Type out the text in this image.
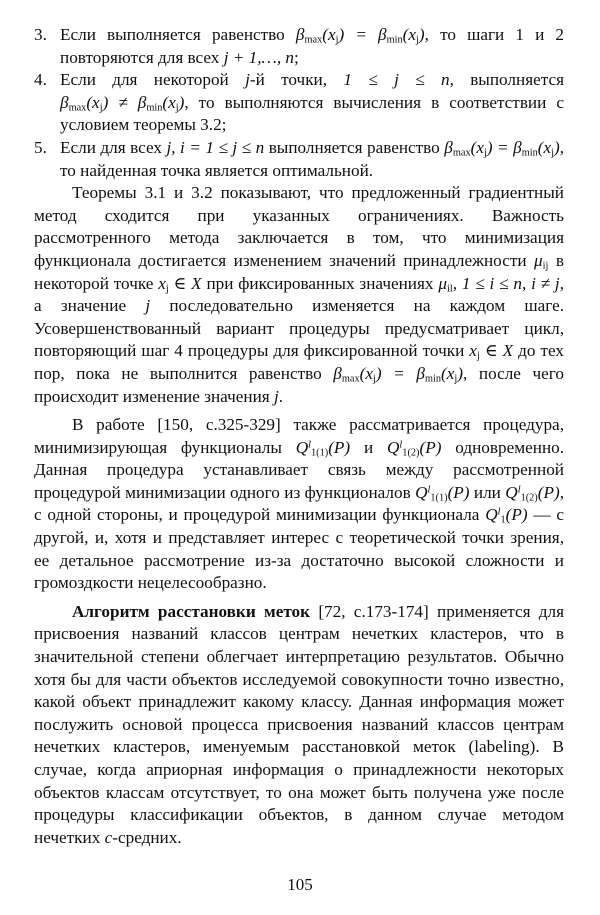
3. Если выполняется равенство $\beta_{max}(x_j) = \beta_{min}(x_j)$, то шаги 1 и 2 повторяются для всех j + 1,…, n;
4. Если для некоторой j-й точки, 1 ≤ j ≤ n, выполняется $\beta_{max}(x_j) \ne \beta_{min}(x_j)$, то выполняются вычисления в соответствии с условием теоремы 3.2;
5. Если для всех j, i = 1 ≤ j ≤ n выполняется равенство $\beta_{max}(x_j) = \beta_{min}(x_j)$, то найденная точка является оптимальной.

Теоремы 3.1 и 3.2 показывают, что предложенный градиентный метод сходится при указанных ограничениях. Важность рассмотренного метода заключается в том, что минимизация функционала достигается изменением значений принадлежности $\mu_{ij}$ в некоторой точке $x_j$ ∈ X при фиксированных значениях $\mu_{il}$, 1 ≤ i ≤ n, i ≠ j, а значение j последовательно изменяется на каждом шаге. Усовершенствованный вариант процедуры предусматривает цикл, повторяющий шаг 4 процедуры для фиксированной точки $x_j$ ∈ X до тех пор, пока не выполнится равенство $\beta_{max}(x_j) = \beta_{min}(x_j)$, после чего происходит изменение значения j.

В работе [150, с.325-329] также рассматривается процедура, минимизирующая функционалы $Q^l_{1(1)}(P)$ и $Q^l_{1(2)}(P)$ одновременно. Данная процедура устанавливает связь между рассмотренной процедурой минимизации одного из функционалов $Q^l_{1(1)}(P)$ или $Q^l_{1(2)}(P)$, с одной стороны, и процедурой минимизации функционала $Q^l_1(P)$ — с другой, и, хотя и представляет интерес с теоретической точки зрения, ее детальное рассмотрение из-за достаточно высокой сложности и громоздкости нецелесообразно.

Алгоритм расстановки меток [72, с.173-174] применяется для присвоения названий классов центрам нечетких кластеров, что в значительной степени облегчает интерпретацию результатов. Обычно хотя бы для части объектов исследуемой совокупности точно известно, какой объект принадлежит какому классу. Данная информация может послужить основой процесса присвоения названий классов центрам нечетких кластеров, именуемым расстановкой меток (labeling). В случае, когда априорная информация о принадлежности некоторых объектов классам отсутствует, то она может быть получена уже после процедуры классификации объектов, в данном случае методом нечетких c-средних.

105
